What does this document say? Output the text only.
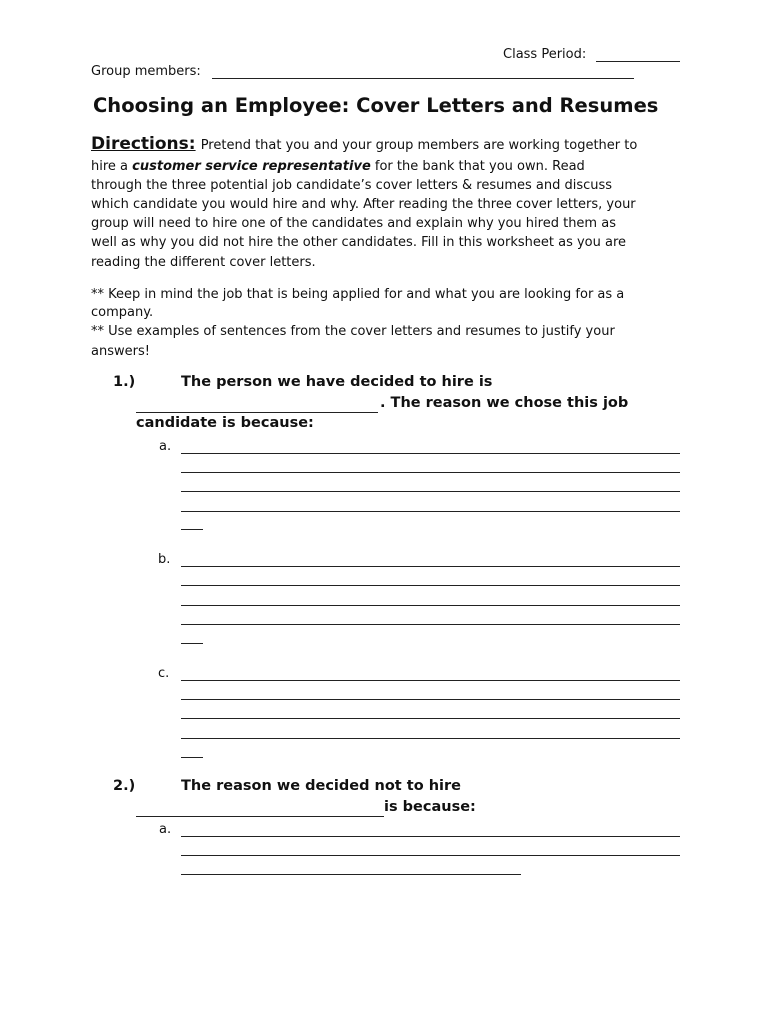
Class Period:
Group members:
Choosing an Employee: Cover Letters and Resumes
Directions: Pretend that you and your group members are working together to
hire a customer service representative for the bank that you own. Read
through the three potential job candidate’s cover letters & resumes and discuss
which candidate you would hire and why. After reading the three cover letters, your
group will need to hire one of the candidates and explain why you hired them as
well as why you did not hire the other candidates. Fill in this worksheet as you are
reading the different cover letters.
** Keep in mind the job that is being applied for and what you are looking for as a
company.
** Use examples of sentences from the cover letters and resumes to justify your
answers!
1.)	The person we have decided to hire is
. The reason we chose this job
candidate is because:
a.
b.
c.
2.)	The reason we decided not to hire
is because:
a.
